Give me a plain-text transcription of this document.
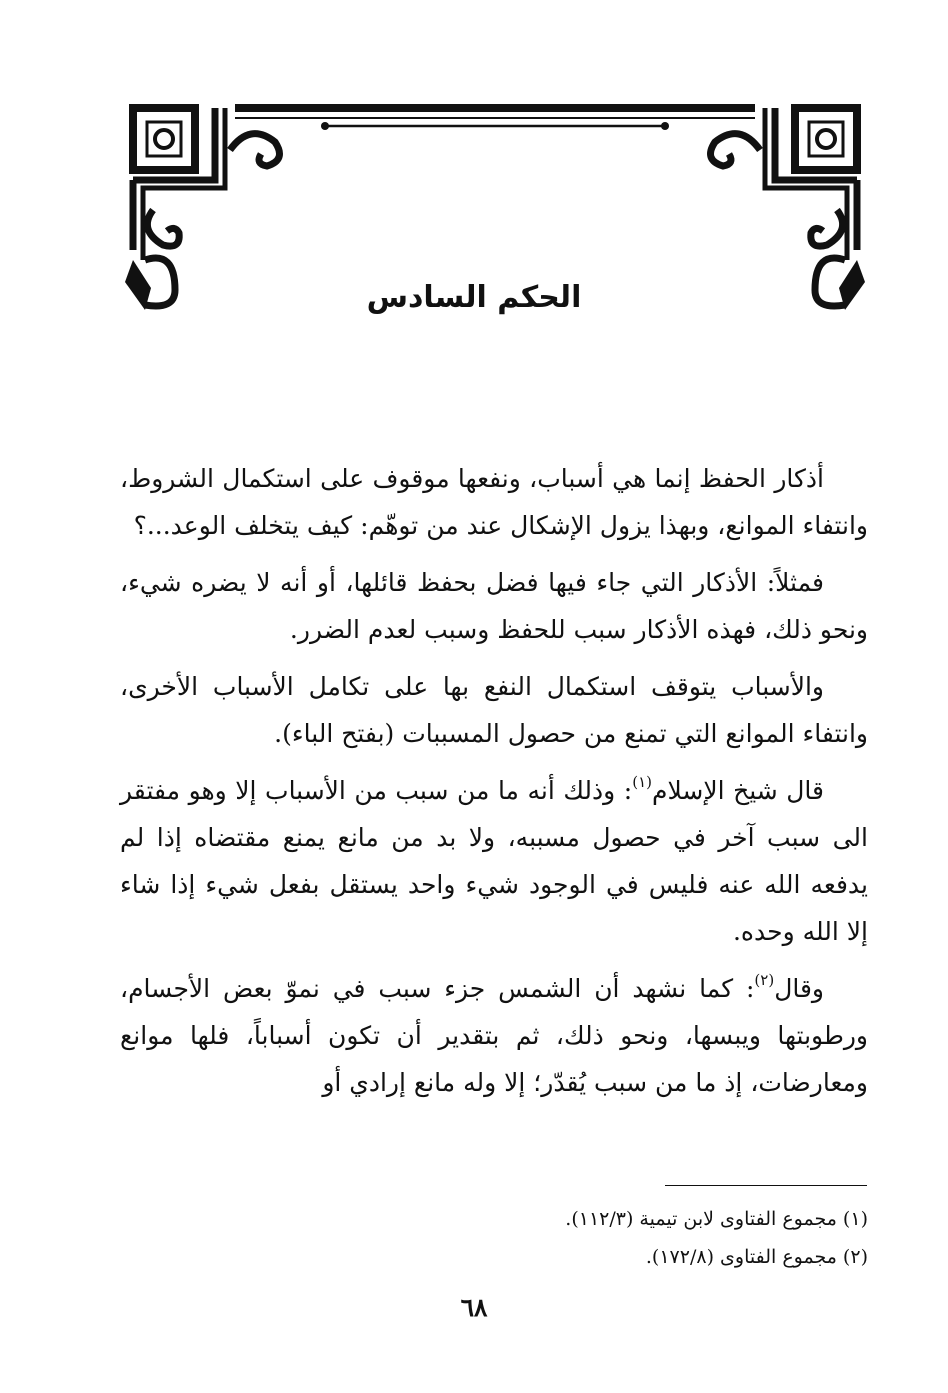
الحكم السادس

أذكار الحفظ إنما هي أسباب، ونفعها موقوف على استكمال الشروط، وانتفاء الموانع، وبهذا يزول الإشكال عند من توهّم: كيف يتخلف الوعد...؟

فمثلاً: الأذكار التي جاء فيها فضل بحفظ قائلها، أو أنه لا يضره شيء، ونحو ذلك، فهذه الأذكار سبب للحفظ وسبب لعدم الضرر.

والأسباب يتوقف استكمال النفع بها على تكامل الأسباب الأخرى، وانتفاء الموانع التي تمنع من حصول المسببات (بفتح الباء).

قال شيخ الإسلام$^{(١)}$: وذلك أنه ما من سبب من الأسباب إلا وهو مفتقر الى سبب آخر في حصول مسببه، ولا بد من مانع يمنع مقتضاه إذا لم يدفعه الله عنه فليس في الوجود شيء واحد يستقل بفعل شيء إذا شاء إلا الله وحده.

وقال$^{(٢)}$: كما نشهد أن الشمس جزء سبب في نموّ بعض الأجسام، ورطوبتها ويبسها، ونحو ذلك، ثم بتقدير أن تكون أسباباً، فلها موانع ومعارضات، إذ ما من سبب يُقدّر؛ إلا وله مانع إرادي أو

(١) مجموع الفتاوى لابن تيمية (١١٢/٣).
(٢) مجموع الفتاوى (١٧٢/٨).
٦٨
